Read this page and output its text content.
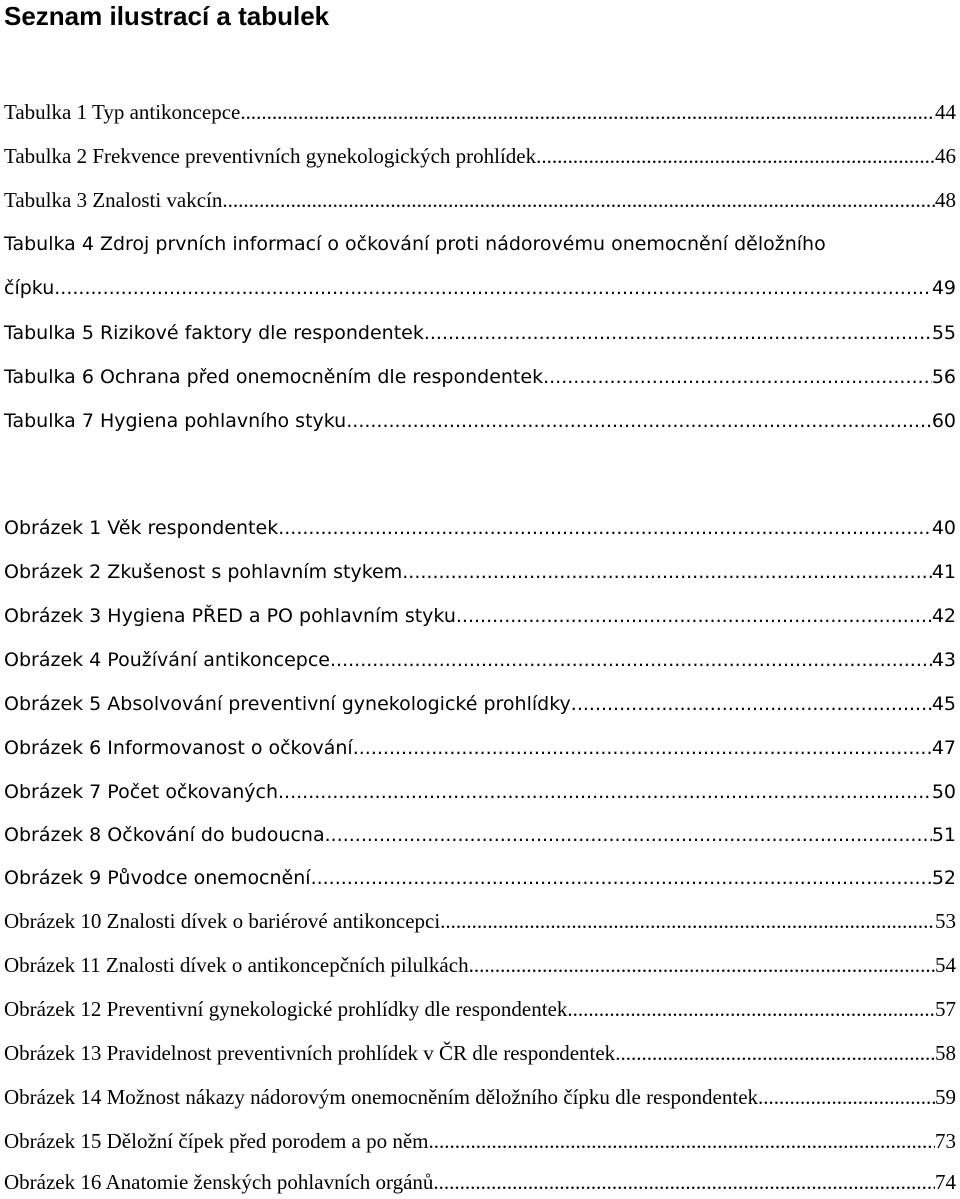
Seznam ilustrací a tabulek
Tabulka 1 Typ antikoncepce .....	44
Tabulka 2 Frekvence preventivních gynekologických prohlídek .....	46
Tabulka 3 Znalosti vakcín .....	48
Tabulka 4 Zdroj prvních informací o očkování proti nádorovému onemocnění děložního
čípku .....	49
Tabulka 5 Rizikové faktory dle respondentek .....	55
Tabulka 6 Ochrana před onemocněním dle respondentek .....	56
Tabulka 7 Hygiena pohlavního styku .....	60
Obrázek 1 Věk respondentek .....	40
Obrázek 2 Zkušenost s pohlavním stykem .....	41
Obrázek 3 Hygiena PŘED a PO pohlavním styku .....	42
Obrázek 4 Používání antikoncepce .....	43
Obrázek 5 Absolvování preventivní gynekologické prohlídky .....	45
Obrázek 6 Informovanost o očkování .....	47
Obrázek 7 Počet očkovaných .....	50
Obrázek 8 Očkování do budoucna .....	51
Obrázek 9 Původce onemocnění .....	52
Obrázek 10 Znalosti dívek o bariérové antikoncepci .....	53
Obrázek 11 Znalosti dívek o antikoncepčních pilulkách .....	54
Obrázek 12 Preventivní gynekologické prohlídky dle respondentek .....	57
Obrázek 13 Pravidelnost preventivních prohlídek v ČR dle respondentek .....	58
Obrázek 14 Možnost nákazy nádorovým onemocněním děložního čípku dle respondentek .....	59
Obrázek 15 Děložní čípek před porodem a po něm .....	73
Obrázek 16 Anatomie ženských pohlavních orgánů .....	74
